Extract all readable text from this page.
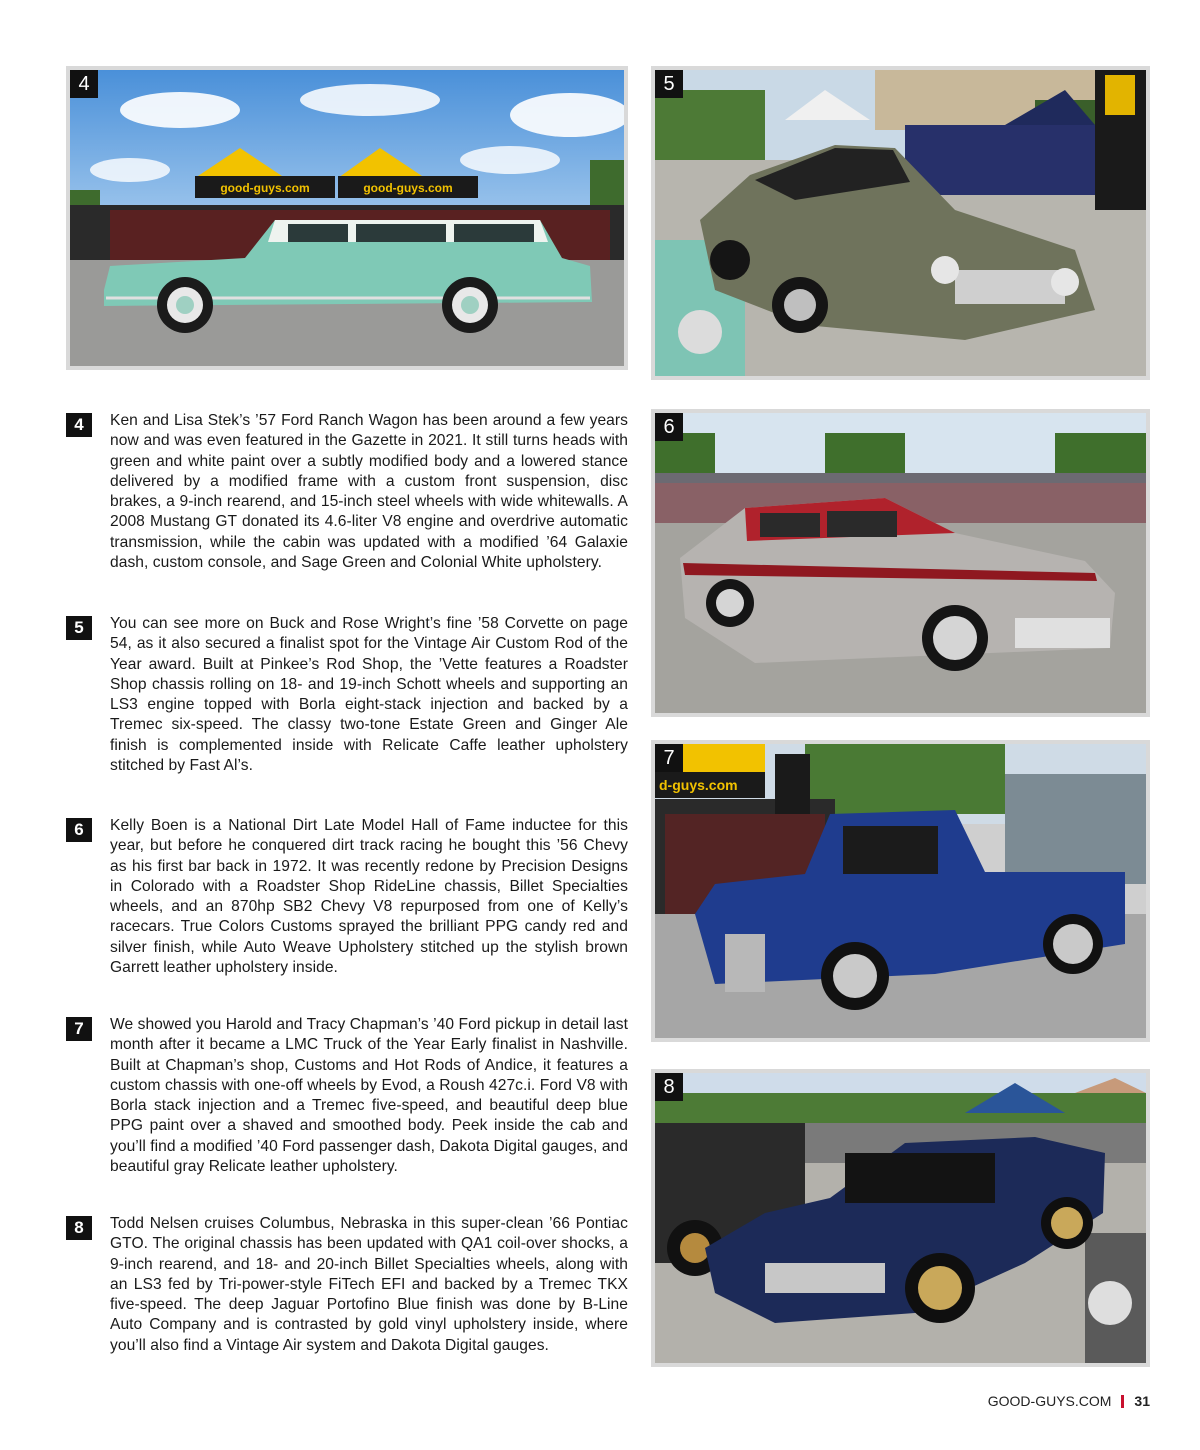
good-guys.com	good-guys.com
4	5
6
d-guys.com
7
8
4	Ken and Lisa Stek’s ’57 Ford Ranch Wagon has been around a few years now and was even featured in the Gazette in 2021. It still turns heads with green and white paint over a subtly modified body and a lowered stance delivered by a modified frame with a custom front suspension, disc brakes, a 9-inch rearend, and 15-inch steel wheels with wide whitewalls. A 2008 Mustang GT donated its 4.6-liter V8 engine and overdrive automatic transmission, while the cabin was updated with a modified ’64 Galaxie dash, custom console, and Sage Green and Colonial White upholstery.

5	You can see more on Buck and Rose Wright’s fine ’58 Corvette on page 54, as it also secured a finalist spot for the Vintage Air Custom Rod of the Year award. Built at Pinkee’s Rod Shop, the ’Vette features a Roadster Shop chassis rolling on 18- and 19-inch Schott wheels and supporting an LS3 engine topped with Borla eight-stack injection and backed by a Tremec six-speed. The classy two-tone Estate Green and Ginger Ale finish is complemented inside with Relicate Caffe leather upholstery stitched by Fast Al’s.

6	Kelly Boen is a National Dirt Late Model Hall of Fame inductee for this year, but before he conquered dirt track racing he bought this ’56 Chevy as his first bar back in 1972. It was recently redone by Precision Designs in Colorado with a Roadster Shop RideLine chassis, Billet Specialties wheels, and an 870hp SB2 Chevy V8 repurposed from one of Kelly’s racecars. True Colors Customs sprayed the brilliant PPG candy red and silver finish, while Auto Weave Upholstery stitched up the stylish brown Garrett leather upholstery inside.

7	We showed you Harold and Tracy Chapman’s ’40 Ford pickup in detail last month after it became a LMC Truck of the Year Early finalist in Nashville. Built at Chapman’s shop, Customs and Hot Rods of Andice, it features a custom chassis with one-off wheels by Evod, a Roush 427c.i. Ford V8 with Borla stack injection and a Tremec five-speed, and beautiful deep blue PPG paint over a shaved and smoothed body. Peek inside the cab and you’ll find a modified ’40 Ford passenger dash, Dakota Digital gauges, and beautiful gray Relicate leather upholstery.

8	Todd Nelsen cruises Columbus, Nebraska in this super-clean ’66 Pontiac GTO. The original chassis has been updated with QA1 coil-over shocks, a 9-inch rearend, and 18- and 20-inch Billet Specialties wheels, along with an LS3 fed by Tri-power-style FiTech EFI and backed by a Tremec TKX five-speed. The deep Jaguar Portofino Blue finish was done by B-Line Auto Company and is contrasted by gold vinyl upholstery inside, where you’ll also find a Vintage Air system and Dakota Digital gauges.

GOOD-GUYS.COM 31
